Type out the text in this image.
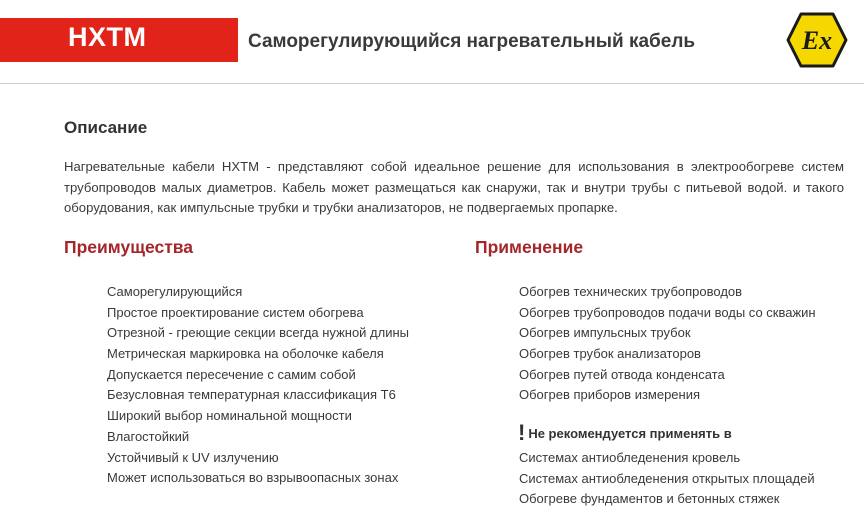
HXTM	Саморегулирующийся нагревательный кабель	Ex
Описание

Нагревательные кабели HXTM - представляют собой идеальное решение для использования в электрообогреве систем трубопроводов малых диаметров. Кабель может размещаться как снаружи, так и внутри трубы с питьевой водой. и такого оборудования, как импульсные трубки и трубки анализаторов, не подвергаемых пропарке.

Преимущества
Саморегулирующийся
Простое проектирование систем обогрева
Отрезной - греющие секции всегда нужной длины
Метрическая маркировка на оболочке кабеля
Допускается пересечение с самим собой
Безусловная температурная классификация Т6
Широкий выбор номинальной мощности
Влагостойкий
Устойчивый к UV излучению
Может использоваться во взрывоопасных зонах
Применение
Обогрев технических трубопроводов
Обогрев трубопроводов подачи воды со скважин
Обогрев импульсных трубок
Обогрев трубок анализаторов
Обогрев путей отвода конденсата
Обогрев приборов измерения
! Не рекомендуется применять в
Системах антиобледенения кровель
Системах антиобледенения открытых площадей
Обогреве фундаментов и бетонных стяжек
